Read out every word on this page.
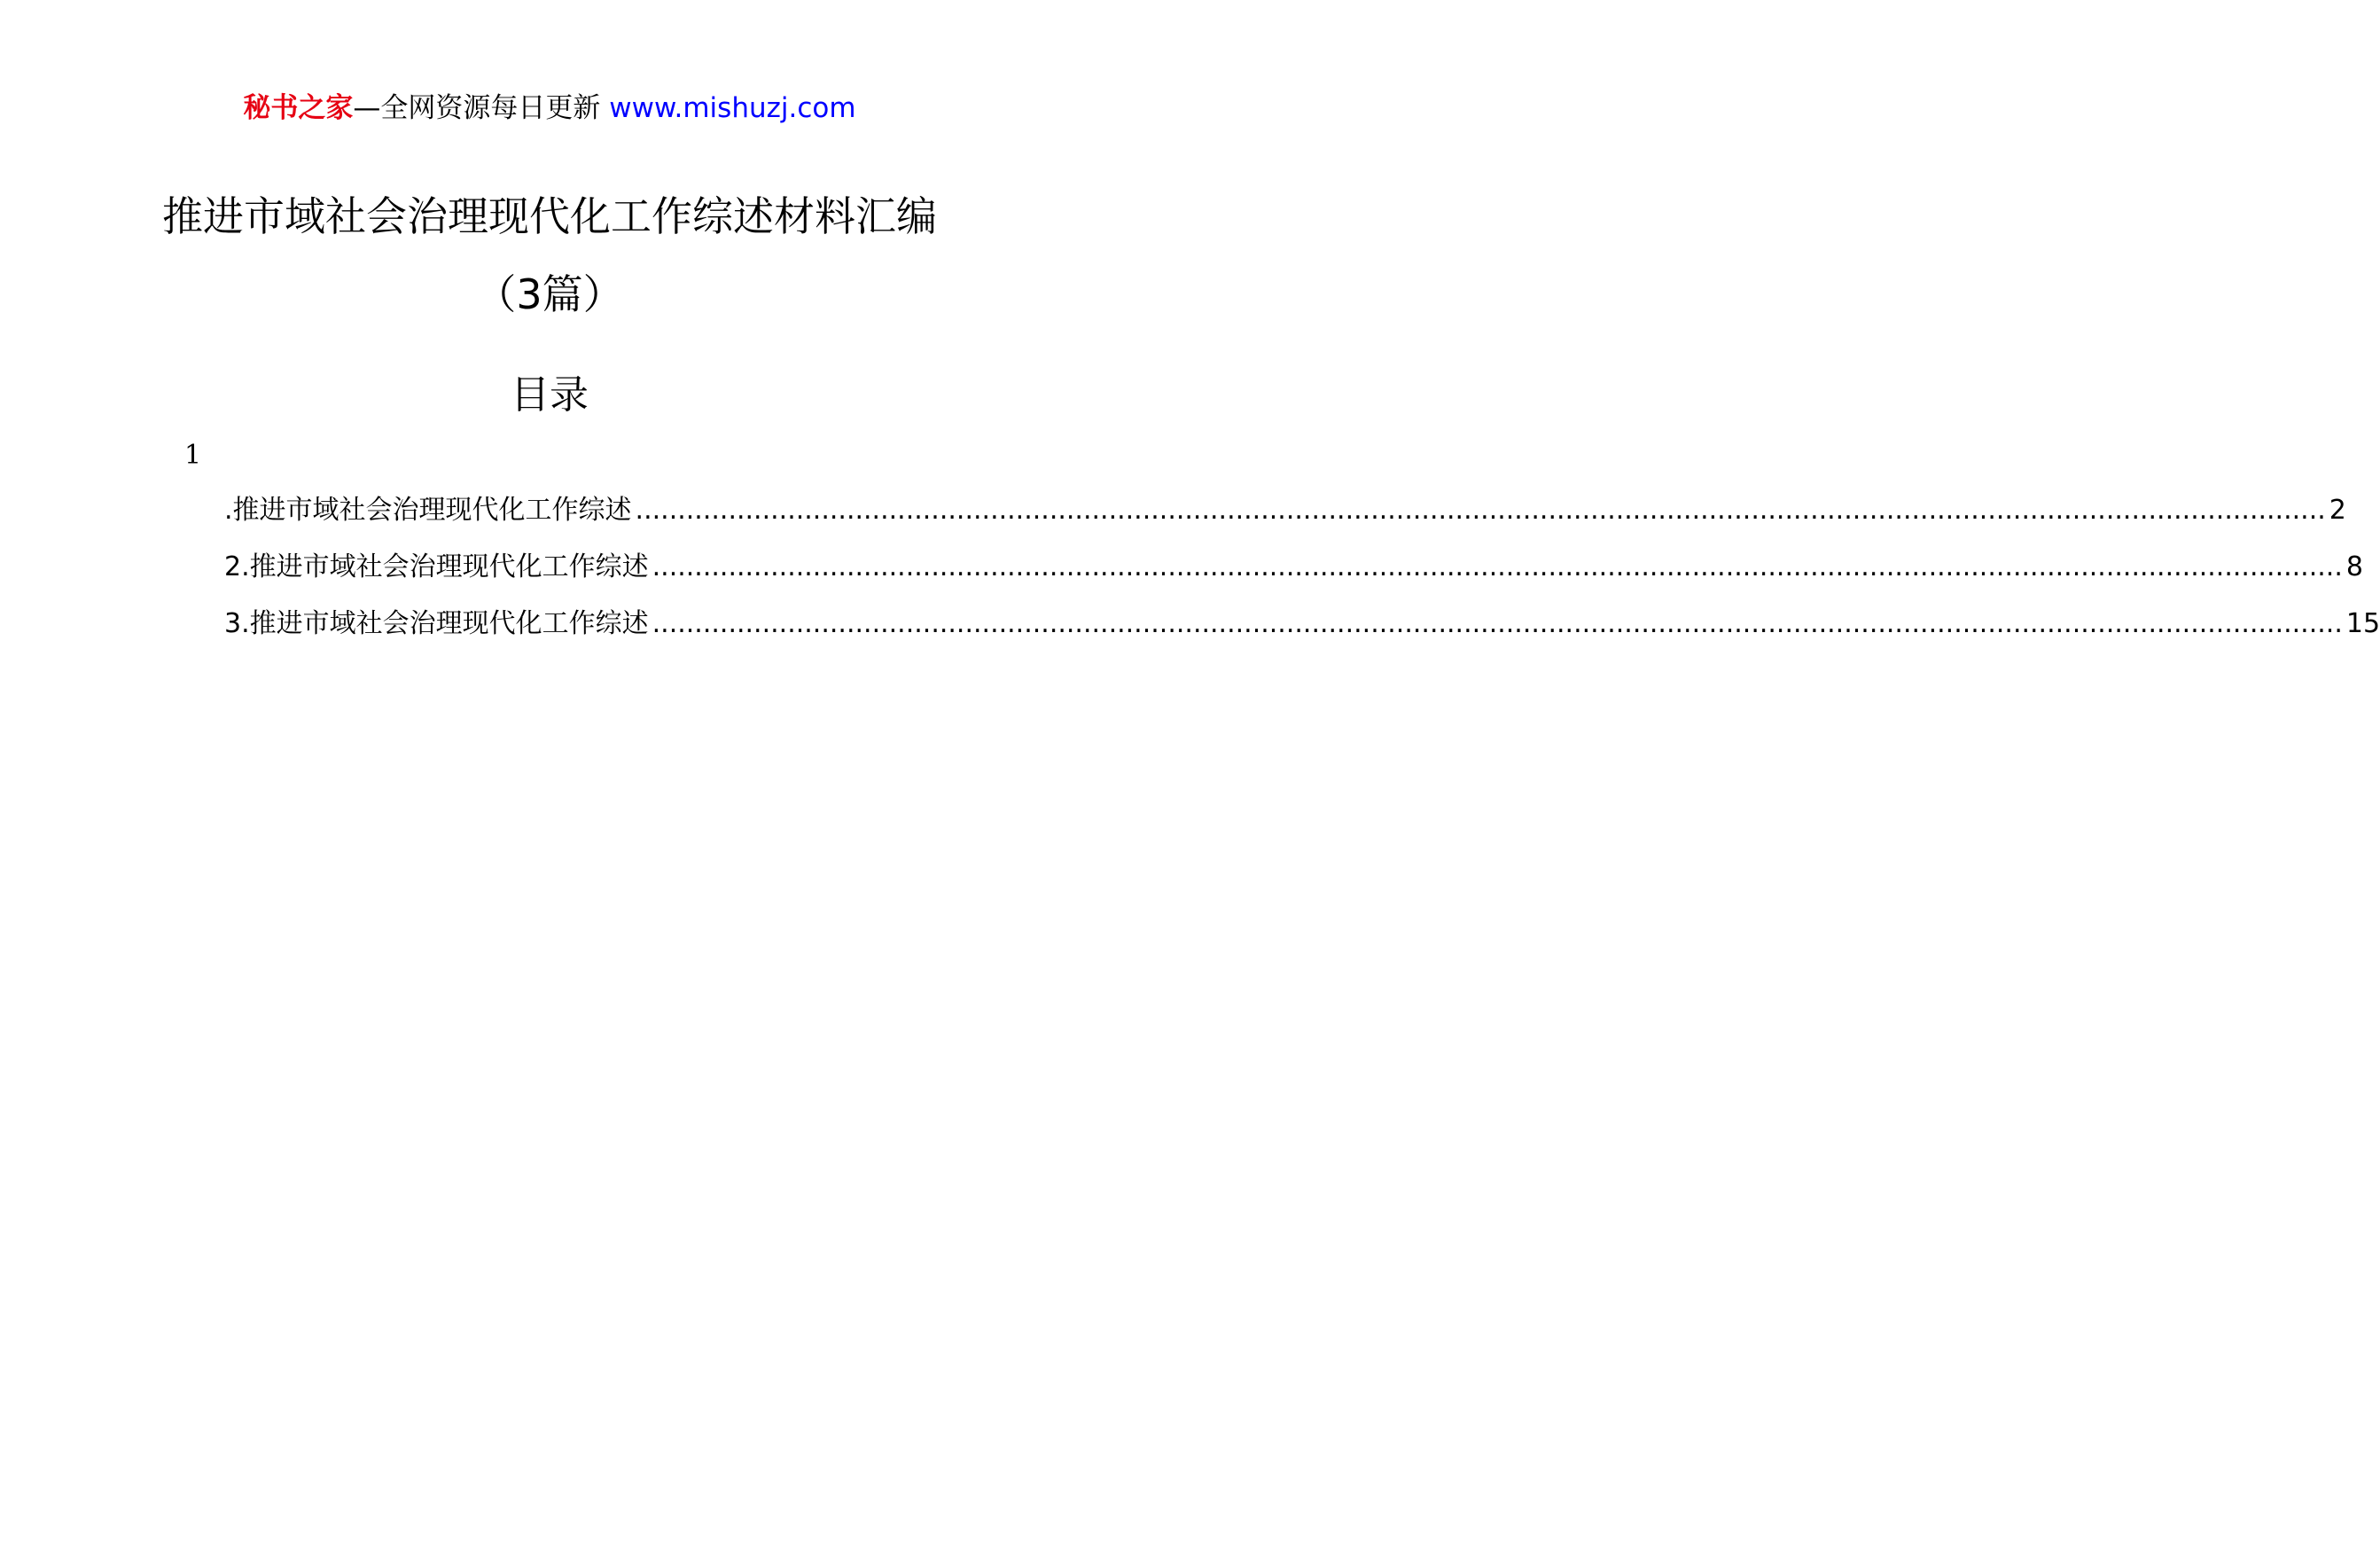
秘书之家—全网资源每日更新 www.mishuzj.com
推进市域社会治理现代化工作综述材料汇编（3篇）
目录
1
.推进市域社会治理现代化工作综述 ........................................................................................................................................................................................................ 2
2.推进市域社会治理现代化工作综述 ........................................................................................................................................................................................................ 8
3.推进市域社会治理现代化工作综述 ........................................................................................................................................................................................................ 15
